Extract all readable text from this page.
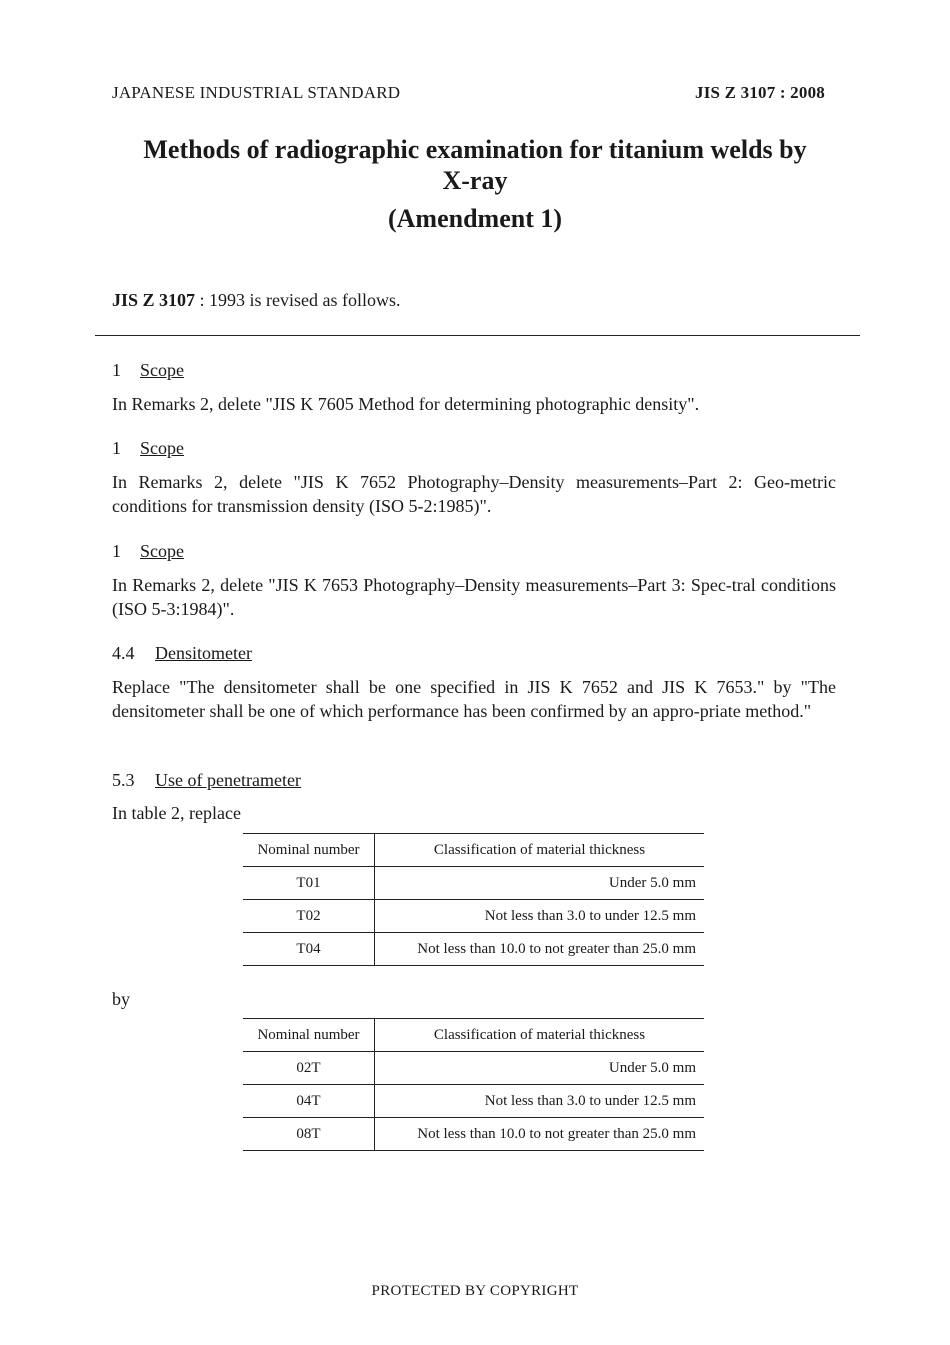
JAPANESE INDUSTRIAL STANDARD	JIS Z 3107 : 2008
Methods of radiographic examination for titanium welds by
X-ray
(Amendment 1)
JIS Z 3107 : 1993 is revised as follows.
1 Scope
In Remarks 2, delete "JIS K 7605 Method for determining photographic density".
1 Scope
In Remarks 2, delete "JIS K 7652 Photography–Density measurements–Part 2: Geo-metric conditions for transmission density (ISO 5-2:1985)".
1 Scope
In Remarks 2, delete "JIS K 7653 Photography–Density measurements–Part 3: Spec-tral conditions (ISO 5-3:1984)".
4.4 Densitometer
Replace "The densitometer shall be one specified in JIS K 7652 and JIS K 7653." by "The densitometer shall be one of which performance has been confirmed by an appro-priate method."
5.3 Use of penetrameter
In table 2, replace
Nominal number	Classification of material thickness
T01	Under 5.0 mm
T02	Not less than 3.0 to under 12.5 mm
T04	Not less than 10.0 to not greater than 25.0 mm
by
Nominal number	Classification of material thickness
02T	Under 5.0 mm
04T	Not less than 3.0 to under 12.5 mm
08T	Not less than 10.0 to not greater than 25.0 mm
PROTECTED BY COPYRIGHT
